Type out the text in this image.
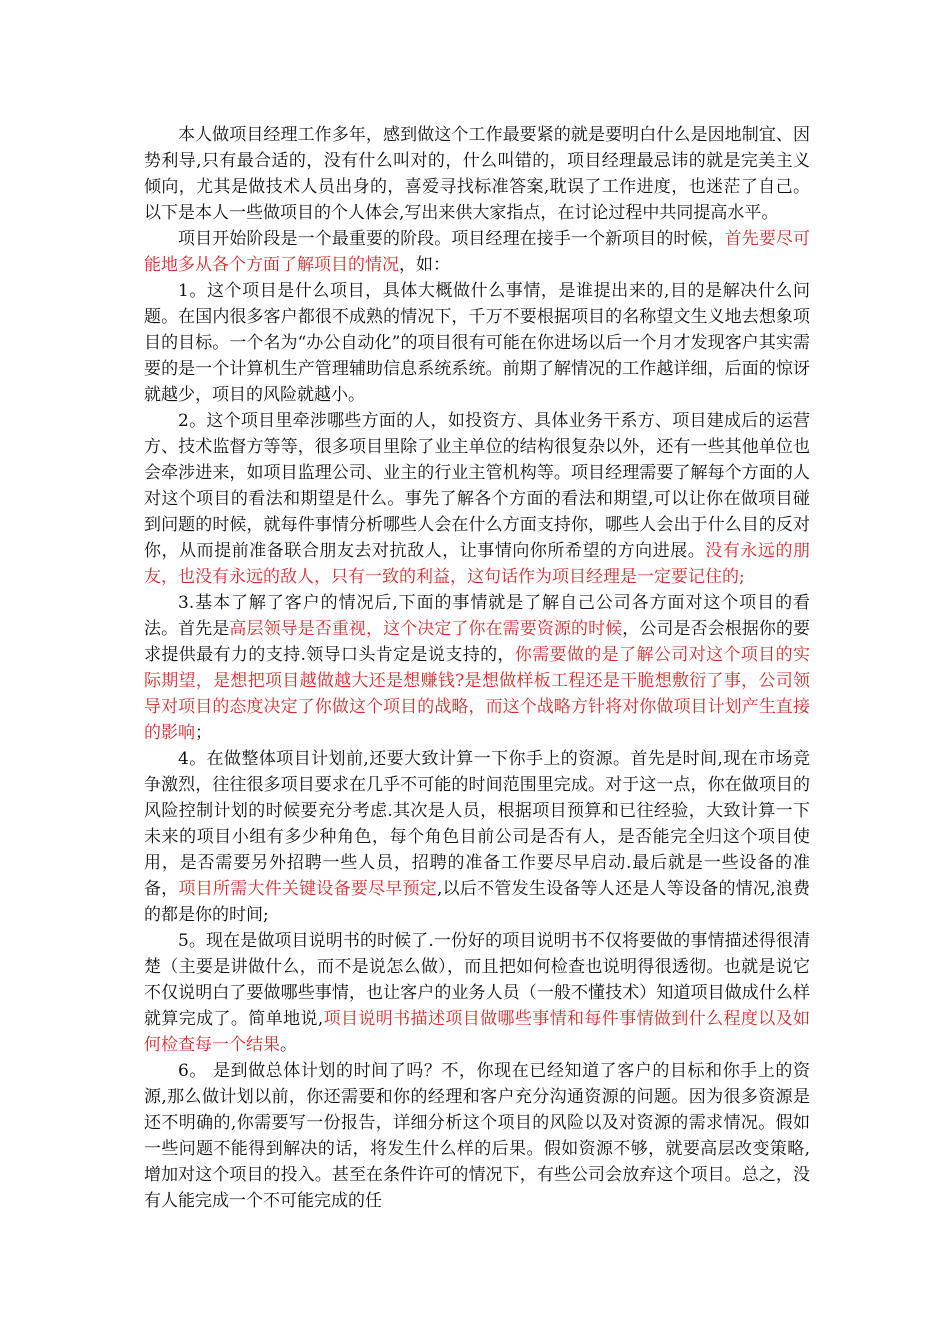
本人做项目经理工作多年，感到做这个工作最要紧的就是要明白什么是因地制宜、因势利导,只有最合适的，没有什么叫对的，什么叫错的，项目经理最忌讳的就是完美主义倾向，尤其是做技术人员出身的，喜爱寻找标准答案,耽误了工作进度，也迷茫了自己。以下是本人一些做项目的个人体会,写出来供大家指点，在讨论过程中共同提高水平。

项目开始阶段是一个最重要的阶段。项目经理在接手一个新项目的时候，首先要尽可能地多从各个方面了解项目的情况，如：

1。这个项目是什么项目，具体大概做什么事情，是谁提出来的,目的是解决什么问题。在国内很多客户都很不成熟的情况下，千万不要根据项目的名称望文生义地去想象项目的目标。一个名为“办公自动化”的项目很有可能在你进场以后一个月才发现客户其实需要的是一个计算机生产管理辅助信息系统系统。前期了解情况的工作越详细，后面的惊讶就越少，项目的风险就越小。

2。这个项目里牵涉哪些方面的人，如投资方、具体业务干系方、项目建成后的运营方、技术监督方等等，很多项目里除了业主单位的结构很复杂以外，还有一些其他单位也会牵涉进来，如项目监理公司、业主的行业主管机构等。项目经理需要了解每个方面的人对这个项目的看法和期望是什么。事先了解各个方面的看法和期望,可以让你在做项目碰到问题的时候，就每件事情分析哪些人会在什么方面支持你，哪些人会出于什么目的反对你，从而提前准备联合朋友去对抗敌人，让事情向你所希望的方向进展。没有永远的朋友，也没有永远的敌人，只有一致的利益，这句话作为项目经理是一定要记住的;

3.基本了解了客户的情况后,下面的事情就是了解自己公司各方面对这个项目的看法。首先是高层领导是否重视，这个决定了你在需要资源的时候，公司是否会根据你的要求提供最有力的支持.领导口头肯定是说支持的，你需要做的是了解公司对这个项目的实际期望，是想把项目越做越大还是想赚钱?是想做样板工程还是干脆想敷衍了事，公司领导对项目的态度决定了你做这个项目的战略，而这个战略方针将对你做项目计划产生直接的影响；

4。在做整体项目计划前,还要大致计算一下你手上的资源。首先是时间,现在市场竞争激烈，往往很多项目要求在几乎不可能的时间范围里完成。对于这一点，你在做项目的风险控制计划的时候要充分考虑.其次是人员，根据项目预算和已往经验，大致计算一下未来的项目小组有多少种角色，每个角色目前公司是否有人，是否能完全归这个项目使用，是否需要另外招聘一些人员，招聘的准备工作要尽早启动.最后就是一些设备的准备，项目所需大件关键设备要尽早预定,以后不管发生设备等人还是人等设备的情况,浪费的都是你的时间;

5。现在是做项目说明书的时候了.一份好的项目说明书不仅将要做的事情描述得很清楚（主要是讲做什么，而不是说怎么做），而且把如何检查也说明得很透彻。也就是说它不仅说明白了要做哪些事情，也让客户的业务人员（一般不懂技术）知道项目做成什么样就算完成了。简单地说,项目说明书描述项目做哪些事情和每件事情做到什么程度以及如何检查每一个结果。

6。 是到做总体计划的时间了吗？不，你现在已经知道了客户的目标和你手上的资源,那么做计划以前，你还需要和你的经理和客户充分沟通资源的问题。因为很多资源是还不明确的,你需要写一份报告，详细分析这个项目的风险以及对资源的需求情况。假如一些问题不能得到解决的话，将发生什么样的后果。假如资源不够，就要高层改变策略,增加对这个项目的投入。甚至在条件许可的情况下，有些公司会放弃这个项目。总之，没有人能完成一个不可能完成的任
